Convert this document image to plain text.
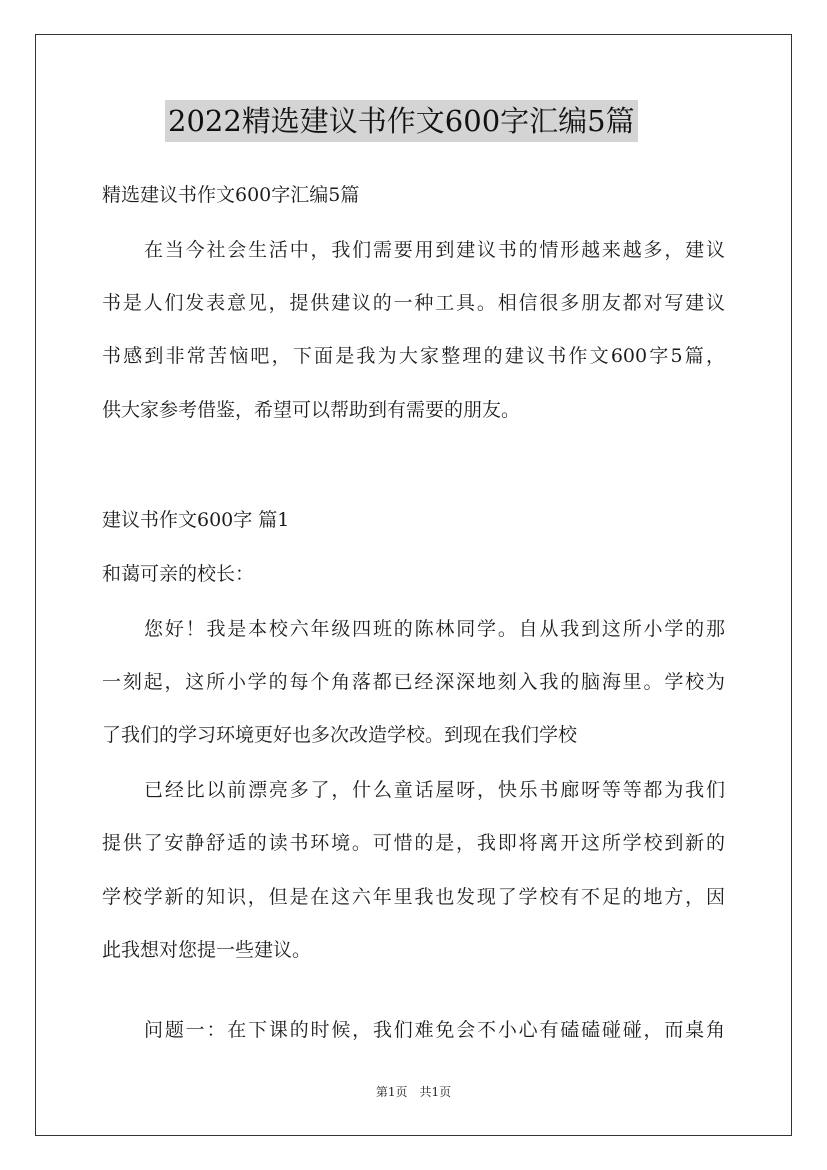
2022精选建议书作文600字汇编5篇
精选建议书作文600字汇编5篇
在当今社会生活中，我们需要用到建议书的情形越来越多，建议
书是人们发表意见，提供建议的一种工具。相信很多朋友都对写建议
书感到非常苦恼吧，下面是我为大家整理的建议书作文600字5篇，
供大家参考借鉴，希望可以帮助到有需要的朋友。
建议书作文600字 篇1
和蔼可亲的校长：
您好！我是本校六年级四班的陈林同学。自从我到这所小学的那
一刻起，这所小学的每个角落都已经深深地刻入我的脑海里。学校为
了我们的学习环境更好也多次改造学校。到现在我们学校
已经比以前漂亮多了，什么童话屋呀，快乐书廊呀等等都为我们
提供了安静舒适的读书环境。可惜的是，我即将离开这所学校到新的
学校学新的知识，但是在这六年里我也发现了学校有不足的地方，因
此我想对您提一些建议。
问题一：在下课的时候，我们难免会不小心有磕磕碰碰，而桌角
第1页 共1页
